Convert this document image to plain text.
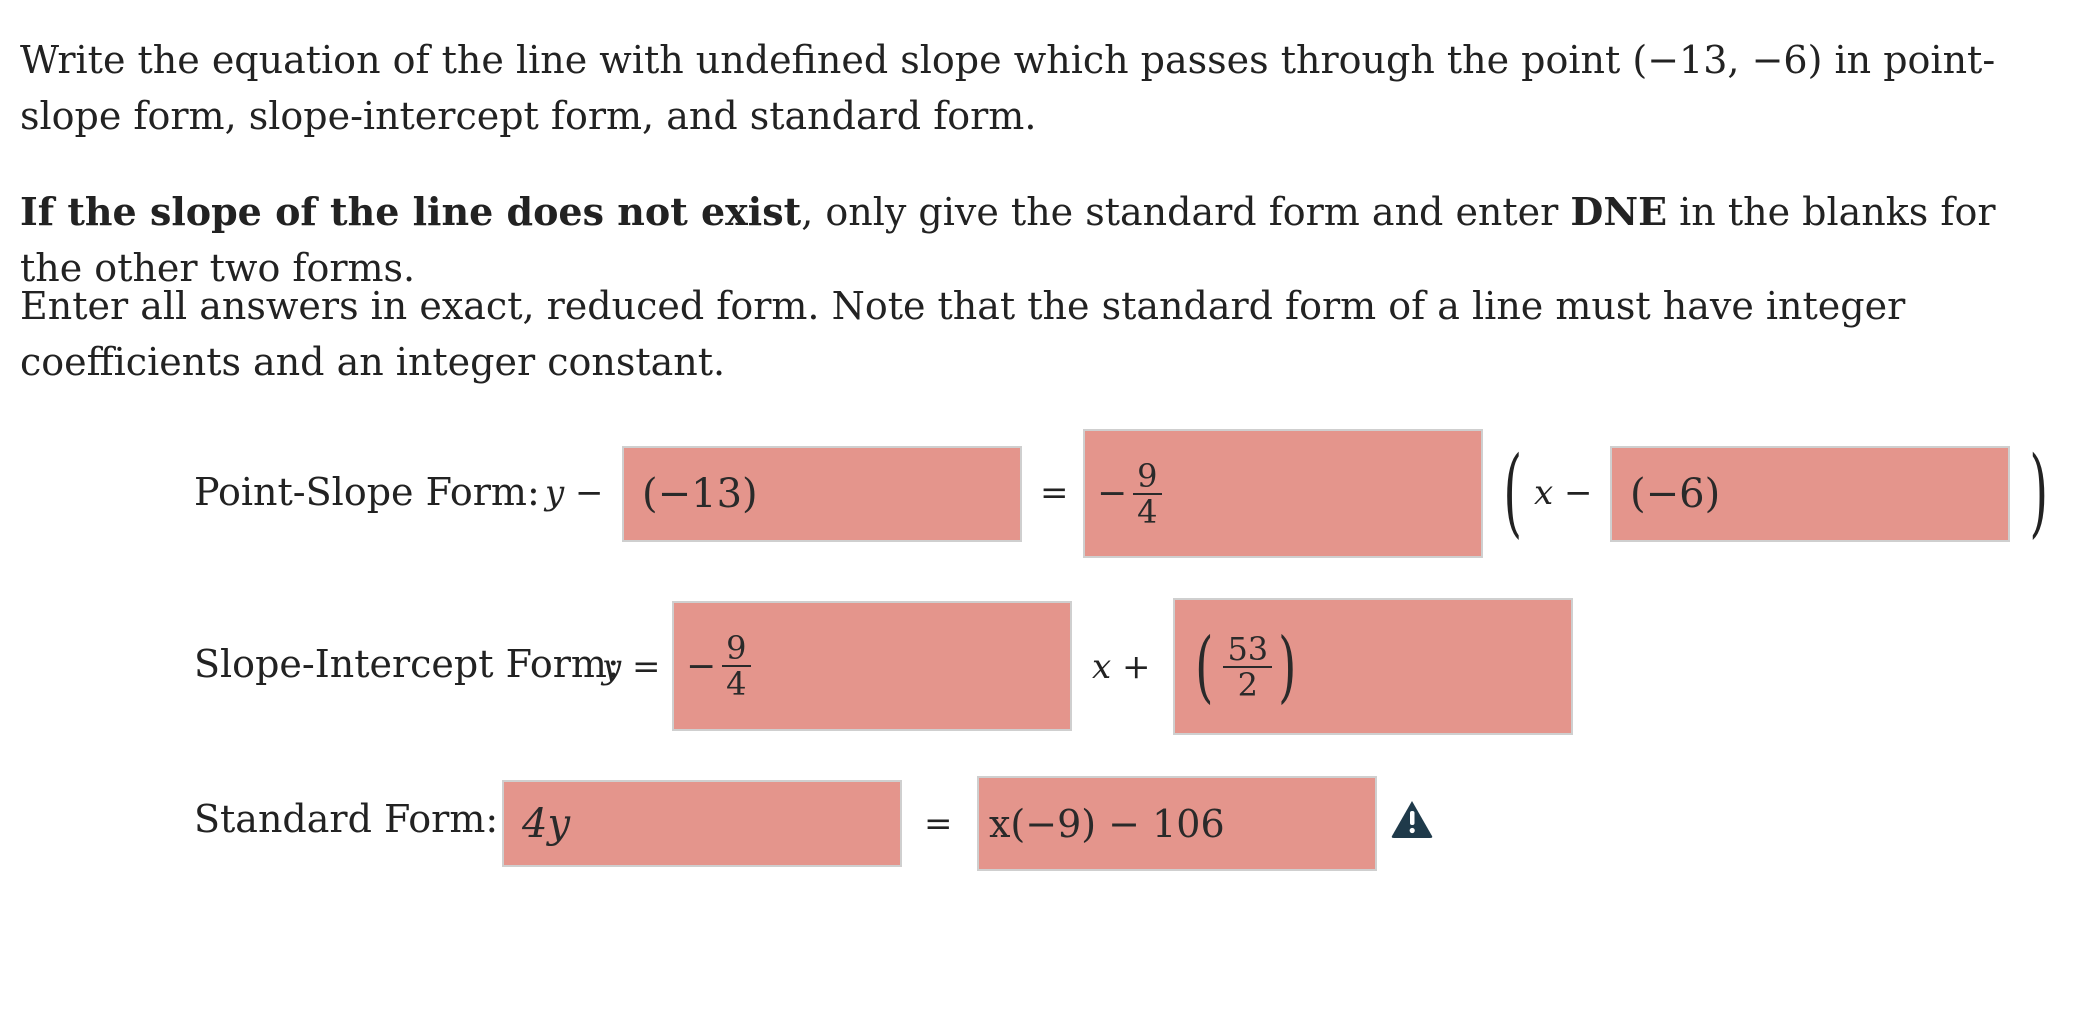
Write the equation of the line with undefined slope which passes through the point (−13, −6) in point-slope form, slope-intercept form, and standard form.

If the slope of the line does not exist, only give the standard form and enter DNE in the blanks for the other two forms.

Enter all answers in exact, reduced form. Note that the standard form of a line must have integer coefficients and an integer constant.

Point-Slope Form: y − (−13)	= − $\frac{9}{4}$	( x − (−6)	)
Slope-Intercept Form:
y = − $\frac{9}{4}$	x + ( $\frac{53}{2}$ )
Standard Form: 4y	= x(−9) − 106
